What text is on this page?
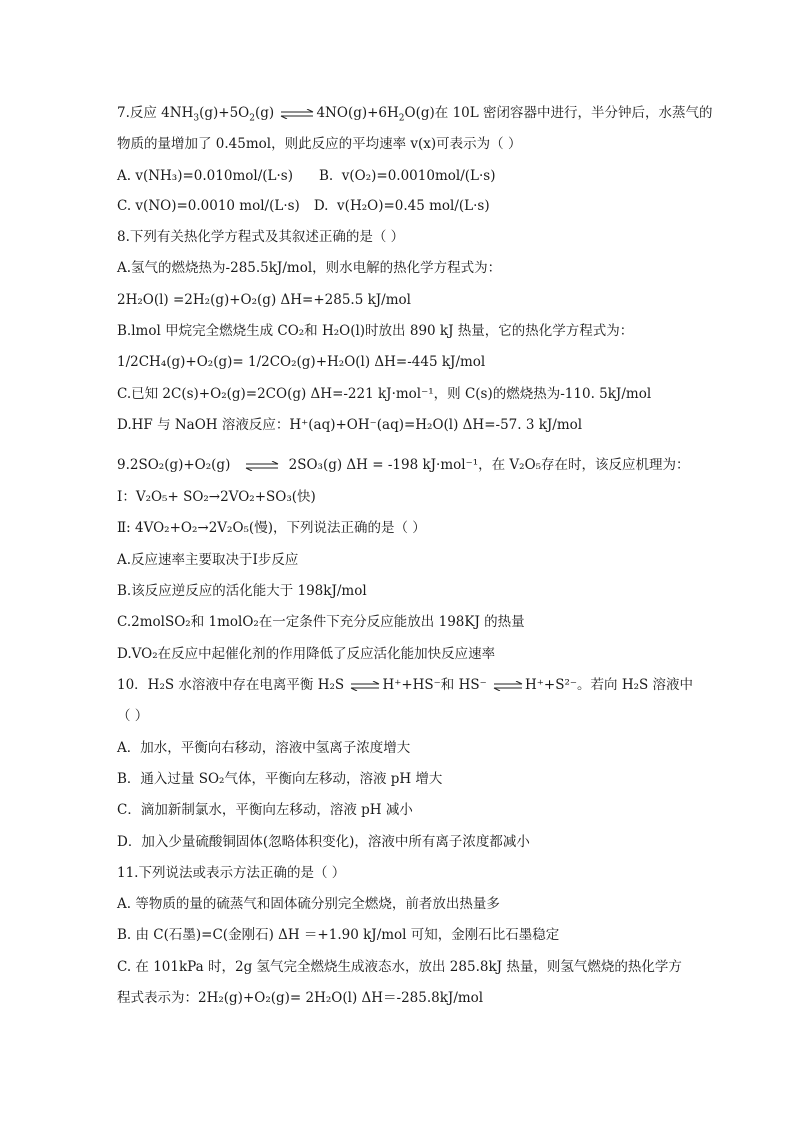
7.反应 $4NH_3(g)+5O_2(g)$ ⇌ $4NO(g)+6H_2O(g)$在 10L 密闭容器中进行，半分钟后，水蒸气的
物质的量增加了 0.45mol，则此反应的平均速率 v(x)可表示为（ ）
A. v(NH₃)=0.010mol/(L·s) B.  v(O₂)=0.0010mol/(L·s)
C. v(NO)=0.0010 mol/(L·s) D.  v(H₂O)=0.45 mol/(L·s)
8.下列有关热化学方程式及其叙述正确的是（ ）
A.氢气的燃烧热为-285.5kJ/mol，则水电解的热化学方程式为：
2H₂O(l) =2H₂(g)+O₂(g) ΔH=+285.5 kJ/mol
B.lmol 甲烷完全燃烧生成 CO₂和 H₂O(l)时放出 890 kJ 热量，它的热化学方程式为：
1/2CH₄(g)+O₂(g)= 1/2CO₂(g)+H₂O(l) ΔH=-445 kJ/mol
C.已知 2C(s)+O₂(g)=2CO(g) ΔH=-221 kJ·mol⁻¹，则 C(s)的燃烧热为-110. 5kJ/mol
D.HF 与 NaOH 溶液反应：H⁺(aq)+OH⁻(aq)=H₂O(l) ΔH=-57. 3 kJ/mol
9.2SO₂(g)+O₂(g) ⇌ 2SO₃(g) ΔH = -198 kJ·mol⁻¹，在 V₂O₅存在时，该反应机理为：
Ⅰ：V₂O₅+ SO₂→2VO₂+SO₃(快)
Ⅱ: 4VO₂+O₂→2V₂O₅(慢)，下列说法正确的是（ ）
A.反应速率主要取决于Ⅰ步反应
B.该反应逆反应的活化能大于 198kJ/mol
C.2molSO₂和 1molO₂在一定条件下充分反应能放出 198KJ 的热量
D.VO₂在反应中起催化剂的作用降低了反应活化能加快反应速率
10．H₂S 水溶液中存在电离平衡 H₂S ⇌ H⁺+HS⁻和 HS⁻ ⇌ H⁺+S²⁻。若向 H₂S 溶液中
（ ）
A．加水，平衡向右移动，溶液中氢离子浓度增大
B．通入过量 SO₂气体，平衡向左移动，溶液 pH 增大
C．滴加新制氯水，平衡向左移动，溶液 pH 减小
D．加入少量硫酸铜固体(忽略体积变化)，溶液中所有离子浓度都减小
11.下列说法或表示方法正确的是（ ）
A. 等物质的量的硫蒸气和固体硫分别完全燃烧，前者放出热量多
B. 由 C(石墨)=C(金刚石) ΔH ＝+1.90 kJ/mol 可知，金刚石比石墨稳定
C. 在 101kPa 时，2g 氢气完全燃烧生成液态水，放出 285.8kJ 热量，则氢气燃烧的热化学方
程式表示为：2H₂(g)+O₂(g)= 2H₂O(l) ΔH＝-285.8kJ/mol
